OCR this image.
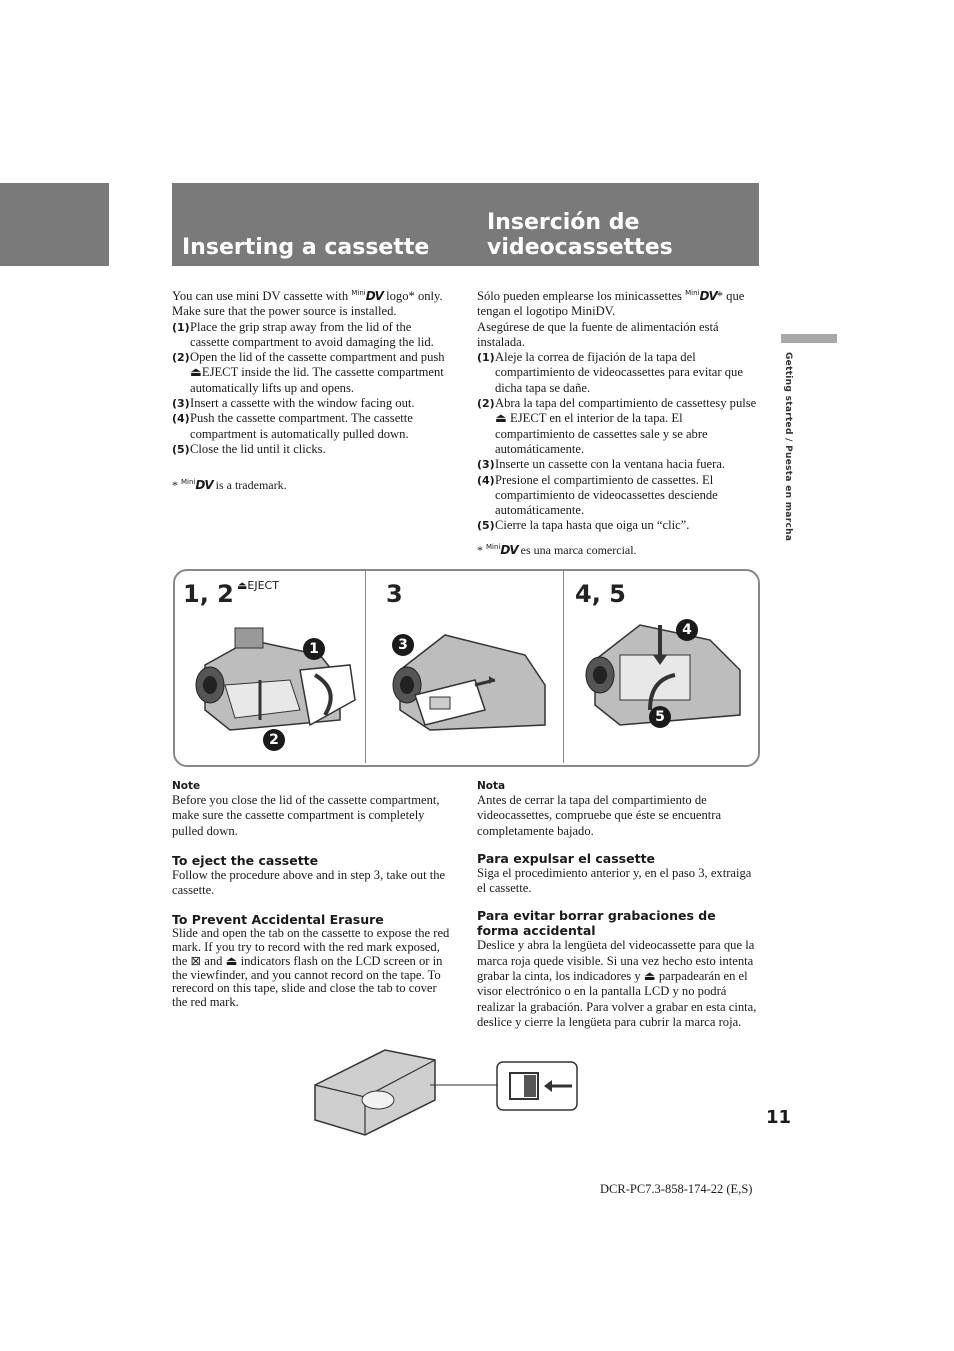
Inserting a cassette
Inserción de
videocassettes
Getting started / Puesta en marcha

You can use mini DV cassette with $^{Mini}$DV logo* only.

Make sure that the power source is installed.

(1) Place the grip strap away from the lid of the cassette compartment to avoid damaging the lid.
(2) Open the lid of the cassette compartment and push ⏏EJECT inside the lid. The cassette compartment automatically lifts up and opens.
(3) Insert a cassette with the window facing out.
(4) Push the cassette compartment. The cassette compartment is automatically pulled down.
(5) Close the lid until it clicks.

* $^{Mini}$DV is a trademark.

Sólo pueden emplearse los minicassettes $^{Mini}$DV* que tengan el logotipo MiniDV.

Asegúrese de que la fuente de alimentación está instalada.

(1) Aleje la correa de fijación de la tapa del compartimiento de videocassettes para evitar que dicha tapa se dañe.
(2) Abra la tapa del compartimiento de cassettesy pulse ⏏ EJECT en el interior de la tapa. El compartimiento de cassettes sale y se abre automáticamente.
(3) Inserte un cassette con la ventana hacia fuera.
(4) Presione el compartimiento de cassettes. El compartimiento de videocassettes desciende automáticamente.
(5) Cierre la tapa hasta que oiga un “clic”.

* $^{Mini}$DV es una marca comercial.

1, 2 ⏏EJECT	3	4, 5
1
2
3
4
5

Note

Before you close the lid of the cassette compartment, make sure the cassette compartment is completely pulled down.

To eject the cassette

Follow the procedure above and in step 3, take out the cassette.

To Prevent Accidental Erasure

Slide and open the tab on the cassette to expose the red mark. If you try to record with the red mark exposed, the ⊠ and ⏏ indicators flash on the LCD screen or in the viewfinder, and you cannot record on the tape. To rerecord on this tape, slide and close the tab to cover the red mark.

Nota

Antes de cerrar la tapa del compartimiento de videocassettes, compruebe que éste se encuentra completamente bajado.

Para expulsar el cassette

Siga el procedimiento anterior y, en el paso 3, extraiga el cassette.

Para evitar borrar grabaciones de forma accidental

Deslice y abra la lengüeta del videocassette para que la marca roja quede visible. Si una vez hecho esto intenta grabar la cinta, los indicadores y ⏏ parpadearán en el visor electrónico o en la pantalla LCD y no podrá realizar la grabación. Para volver a grabar en esta cinta, deslice y cierre la lengüeta para cubrir la marca roja.

11
DCR-PC7.3-858-174-22 (E,S)
